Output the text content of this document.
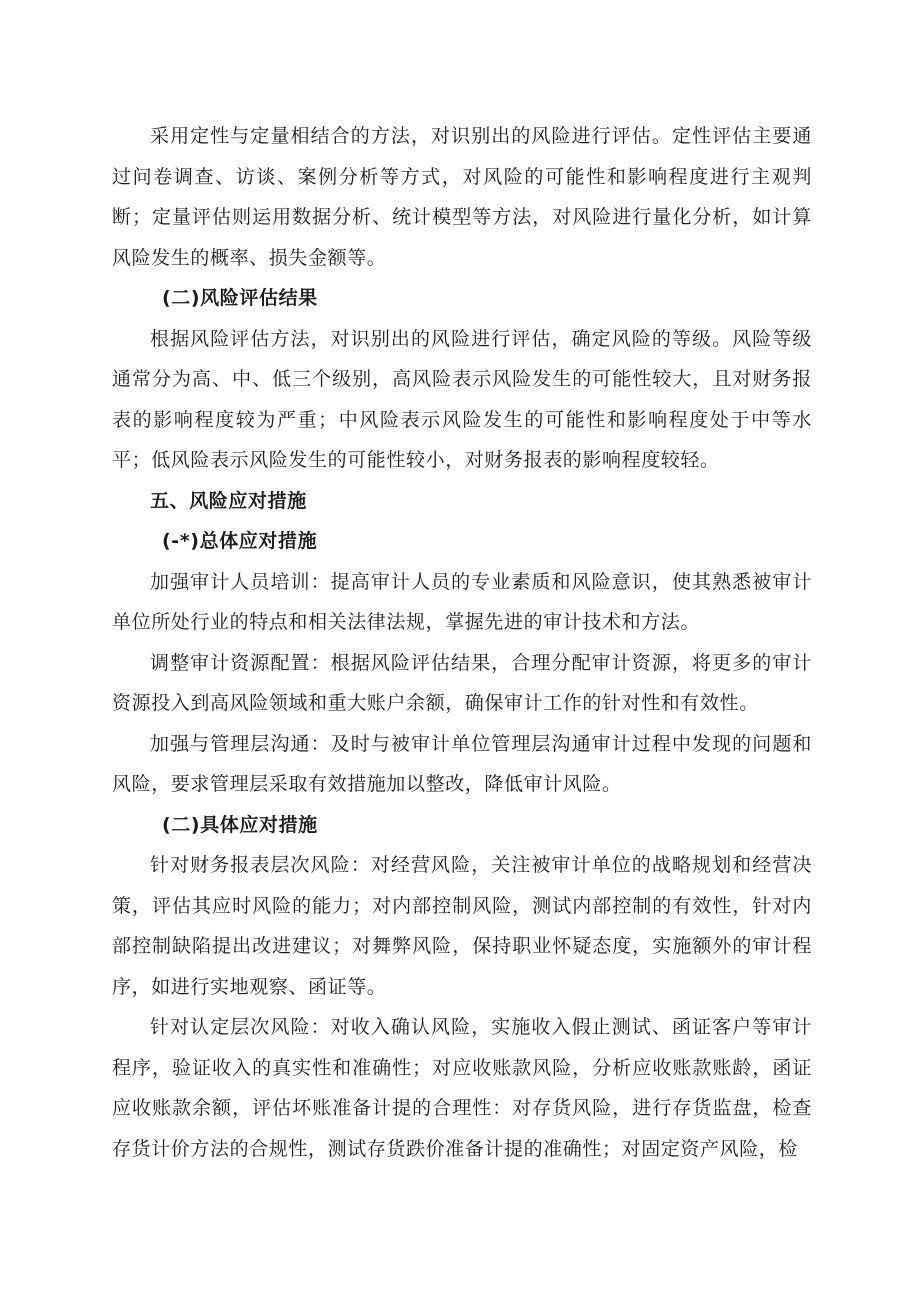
采用定性与定量相结合的方法，对识别出的风险进行评估。定性评估主要通过问卷调查、访谈、案例分析等方式，对风险的可能性和影响程度进行主观判断；定量评估则运用数据分析、统计模型等方法，对风险进行量化分析，如计算风险发生的概率、损失金额等。

(二)风险评估结果

根据风险评估方法，对识别出的风险进行评估，确定风险的等级。风险等级通常分为高、中、低三个级别，高风险表示风险发生的可能性较大，且对财务报表的影响程度较为严重；中风险表示风险发生的可能性和影响程度处于中等水平；低风险表示风险发生的可能性较小，对财务报表的影响程度较轻。

五、风险应对措施

(-*)总体应对措施

加强审计人员培训：提高审计人员的专业素质和风险意识，使其熟悉被审计单位所处行业的特点和相关法律法规，掌握先进的审计技术和方法。

调整审计资源配置：根据风险评估结果，合理分配审计资源，将更多的审计资源投入到高风险领域和重大账户余额，确保审计工作的针对性和有效性。

加强与管理层沟通：及时与被审计单位管理层沟通审计过程中发现的问题和风险，要求管理层采取有效措施加以整改，降低审计风险。

(二)具体应对措施

针对财务报表层次风险：对经营风险，关注被审计单位的战略规划和经营决策，评估其应时风险的能力；对内部控制风险，测试内部控制的有效性，针对内部控制缺陷提出改进建议；对舞弊风险，保持职业怀疑态度，实施额外的审计程序，如进行实地观察、函证等。

针对认定层次风险：对收入确认风险，实施收入假止测试、函证客户等审计程序，验证收入的真实性和准确性；对应收账款风险，分析应收账款账龄，函证应收账款余额，评估坏账准备计提的合理性：对存货风险，进行存货监盘，检查存货计价方法的合规性，测试存货跌价准备计提的准确性；对固定资产风险，检
